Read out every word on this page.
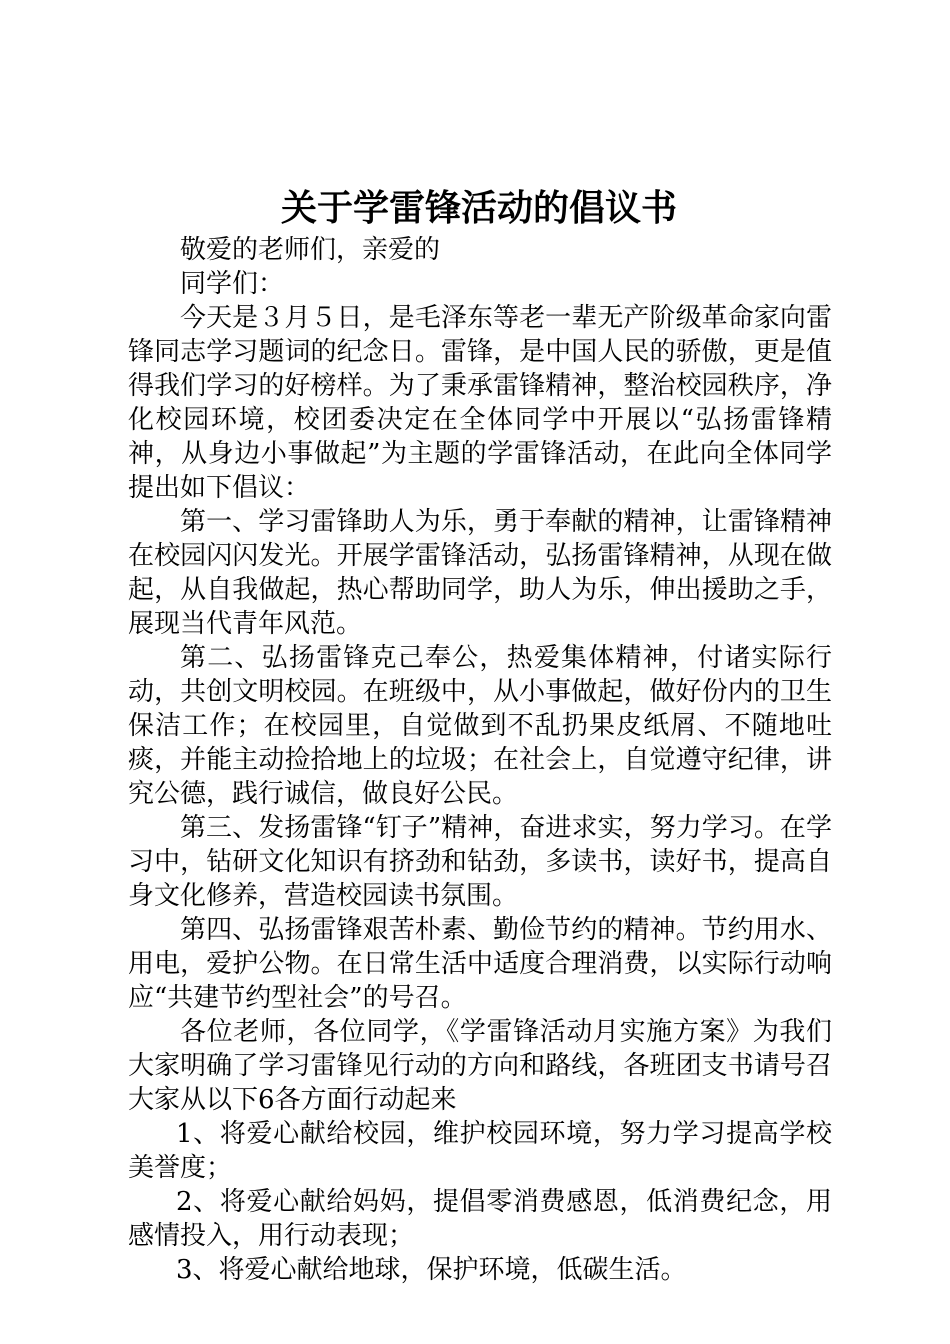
关于学雷锋活动的倡议书

敬爱的老师们，亲爱的

同学们：

今天是３月５日，是毛泽东等老一辈无产阶级革命家向雷锋同志学习题词的纪念日。雷锋，是中国人民的骄傲，更是值得我们学习的好榜样。为了秉承雷锋精神，整治校园秩序，净化校园环境，校团委决定在全体同学中开展以“弘扬雷锋精神，从身边小事做起”为主题的学雷锋活动，在此向全体同学提出如下倡议：

第一、学习雷锋助人为乐，勇于奉献的精神，让雷锋精神在校园闪闪发光。开展学雷锋活动，弘扬雷锋精神，从现在做起，从自我做起，热心帮助同学，助人为乐，伸出援助之手，展现当代青年风范。

第二、弘扬雷锋克己奉公，热爱集体精神，付诸实际行动，共创文明校园。在班级中，从小事做起，做好份内的卫生保洁工作；在校园里，自觉做到不乱扔果皮纸屑、不随地吐痰，并能主动捡拾地上的垃圾；在社会上，自觉遵守纪律，讲究公德，践行诚信，做良好公民。

第三、发扬雷锋“钉子”精神，奋进求实，努力学习。在学习中，钻研文化知识有挤劲和钻劲，多读书，读好书，提高自身文化修养，营造校园读书氛围。

第四、弘扬雷锋艰苦朴素、勤俭节约的精神。节约用水、用电，爱护公物。在日常生活中适度合理消费，以实际行动响应“共建节约型社会”的号召。

各位老师，各位同学，《学雷锋活动月实施方案》为我们大家明确了学习雷锋见行动的方向和路线，各班团支书请号召大家从以下6各方面行动起来

1、将爱心献给校园，维护校园环境，努力学习提高学校美誉度；

2、将爱心献给妈妈，提倡零消费感恩，低消费纪念，用感情投入，用行动表现；

3、将爱心献给地球，保护环境，低碳生活。
